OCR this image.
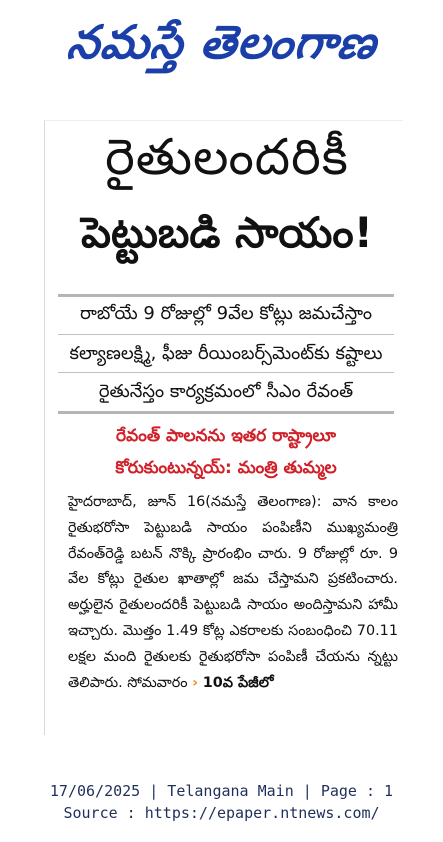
నమస్తే తెలంగాణ
రైతులందరికీ
పెట్టుబడి సాయం!
రాబోయే 9 రోజుల్లో 9వేల కోట్లు జమచేస్తాం
కల్యాణలక్ష్మి, ఫీజు రీయింబర్స్‌మెంట్‌కు కష్టాలు
రైతునేస్తం కార్యక్రమంలో సీఎం రేవంత్
రేవంత్ పాలనను ఇతర రాష్ట్రాలూ
కోరుకుంటున్నయ్: మంత్రి తుమ్మల
హైదరాబాద్, జూన్ 16(నమస్తే తెలంగాణ): వాన కాలం రైతుభరోసా పెట్టుబడి సాయం పంపిణీని ముఖ్యమంత్రి రేవంత్‌రెడ్డి బటన్ నొక్కి ప్రారంభిం చారు. 9 రోజుల్లో రూ. 9 వేల కోట్లు రైతుల ఖాతాల్లో జమ చేస్తామని ప్రకటించారు. అర్హులైన రైతులందరికీ పెట్టుబడి సాయం అందిస్తామని హామీ ఇచ్చారు. మొత్తం 1.49 కోట్ల ఎకరాలకు సంబంధించి 70.11 లక్షల మంది రైతులకు రైతుభరోసా పంపిణీ చేయను న్నట్టు తెలిపారు. సోమవారం › 10వ పేజీలో
17/06/2025 | Telangana Main | Page : 1
Source : https://epaper.ntnews.com/
